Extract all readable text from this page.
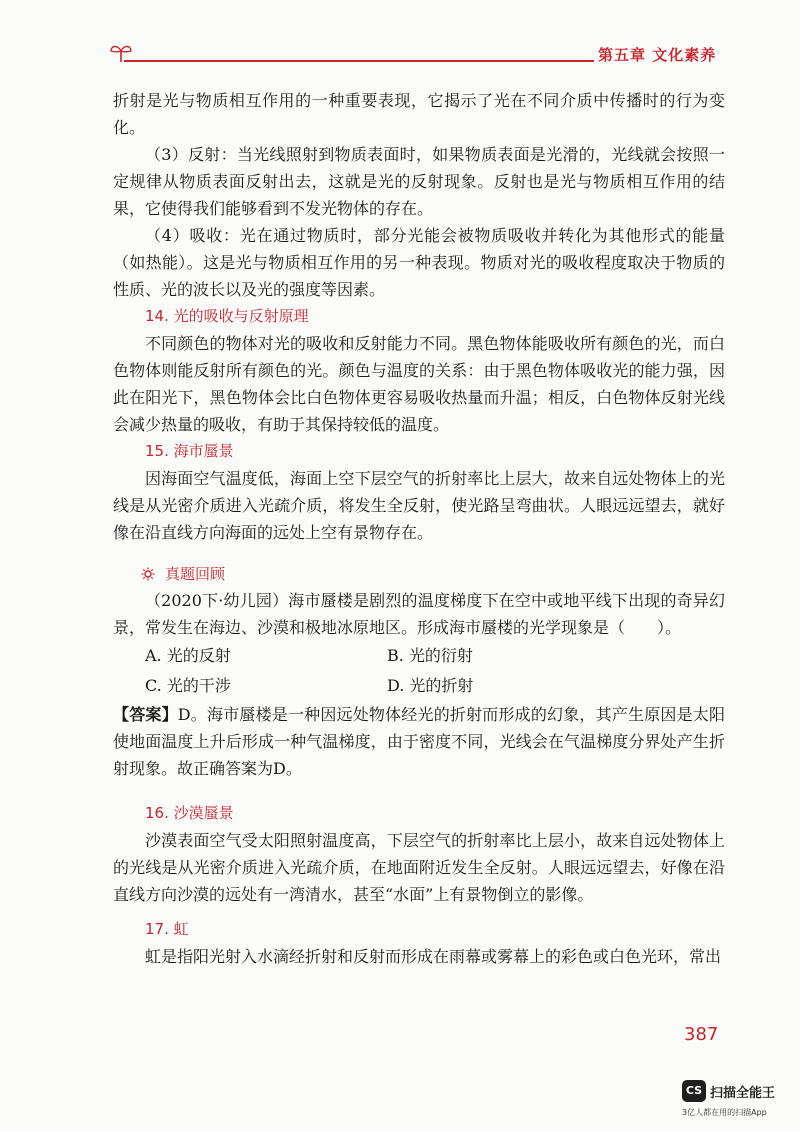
第五章 文化素养

折射是光与物质相互作用的一种重要表现，它揭示了光在不同介质中传播时的行为变化。

（3）反射：当光线照射到物质表面时，如果物质表面是光滑的，光线就会按照一定规律从物质表面反射出去，这就是光的反射现象。反射也是光与物质相互作用的结果，它使得我们能够看到不发光物体的存在。

（4）吸收：光在通过物质时，部分光能会被物质吸收并转化为其他形式的能量（如热能）。这是光与物质相互作用的另一种表现。物质对光的吸收程度取决于物质的性质、光的波长以及光的强度等因素。

14. 光的吸收与反射原理

不同颜色的物体对光的吸收和反射能力不同。黑色物体能吸收所有颜色的光，而白色物体则能反射所有颜色的光。颜色与温度的关系：由于黑色物体吸收光的能力强，因此在阳光下，黑色物体会比白色物体更容易吸收热量而升温；相反，白色物体反射光线会减少热量的吸收，有助于其保持较低的温度。

15. 海市蜃景

因海面空气温度低，海面上空下层空气的折射率比上层大，故来自远处物体上的光线是从光密介质进入光疏介质，将发生全反射，使光路呈弯曲状。人眼远远望去，就好像在沿直线方向海面的远处上空有景物存在。

真题回顾

（2020下·幼儿园）海市蜃楼是剧烈的温度梯度下在空中或地平线下出现的奇异幻景，常发生在海边、沙漠和极地冰原地区。形成海市蜃楼的光学现象是（　　）。

A. 光的反射	B. 光的衍射
C. 光的干涉	D. 光的折射

【答案】D。海市蜃楼是一种因远处物体经光的折射而形成的幻象，其产生原因是太阳使地面温度上升后形成一种气温梯度，由于密度不同，光线会在气温梯度分界处产生折射现象。故正确答案为D。

16. 沙漠蜃景

沙漠表面空气受太阳照射温度高，下层空气的折射率比上层小，故来自远处物体上的光线是从光密介质进入光疏介质，在地面附近发生全反射。人眼远远望去，好像在沿直线方向沙漠的远处有一湾清水，甚至“水面”上有景物倒立的影像。

17. 虹

虹是指阳光射入水滴经折射和反射而形成在雨幕或雾幕上的彩色或白色光环，常出

387
CS 扫描全能王
3亿人都在用的扫描App
